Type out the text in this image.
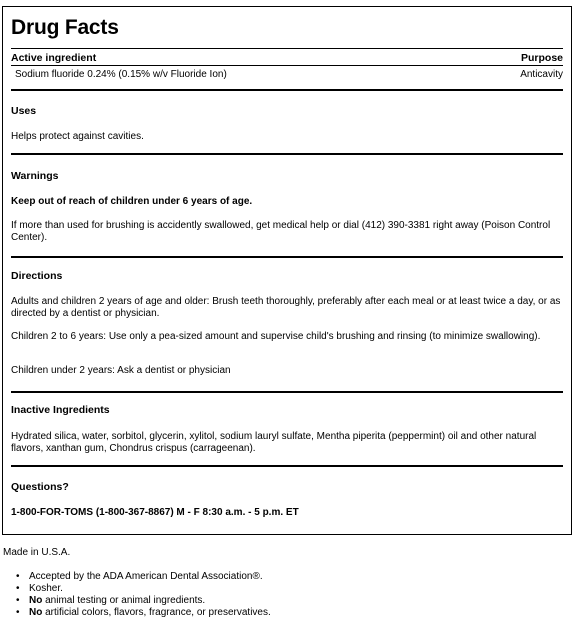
Drug Facts
Active ingredient	Purpose
Sodium fluoride 0.24% (0.15% w/v Fluoride Ion)	Anticavity
Uses
Helps protect against cavities.
Warnings
Keep out of reach of children under 6 years of age.
If more than used for brushing is accidently swallowed, get medical help or dial (412) 390-3381 right away (Poison Control Center).
Directions
Adults and children 2 years of age and older: Brush teeth thoroughly, preferably after each meal or at least twice a day, or as directed by a dentist or physician.
Children 2 to 6 years: Use only a pea-sized amount and supervise child's brushing and rinsing (to minimize swallowing).
Children under 2 years: Ask a dentist or physician
Inactive Ingredients
Hydrated silica, water, sorbitol, glycerin, xylitol, sodium lauryl sulfate, Mentha piperita (peppermint) oil and other natural flavors, xanthan gum, Chondrus crispus (carrageenan).
Questions?
1-800-FOR-TOMS (1-800-367-8867) M - F 8:30 a.m. - 5 p.m. ET
Made in U.S.A.
• Accepted by the ADA American Dental Association®.
• Kosher.
• No animal testing or animal ingredients.
• No artificial colors, flavors, fragrance, or preservatives.
